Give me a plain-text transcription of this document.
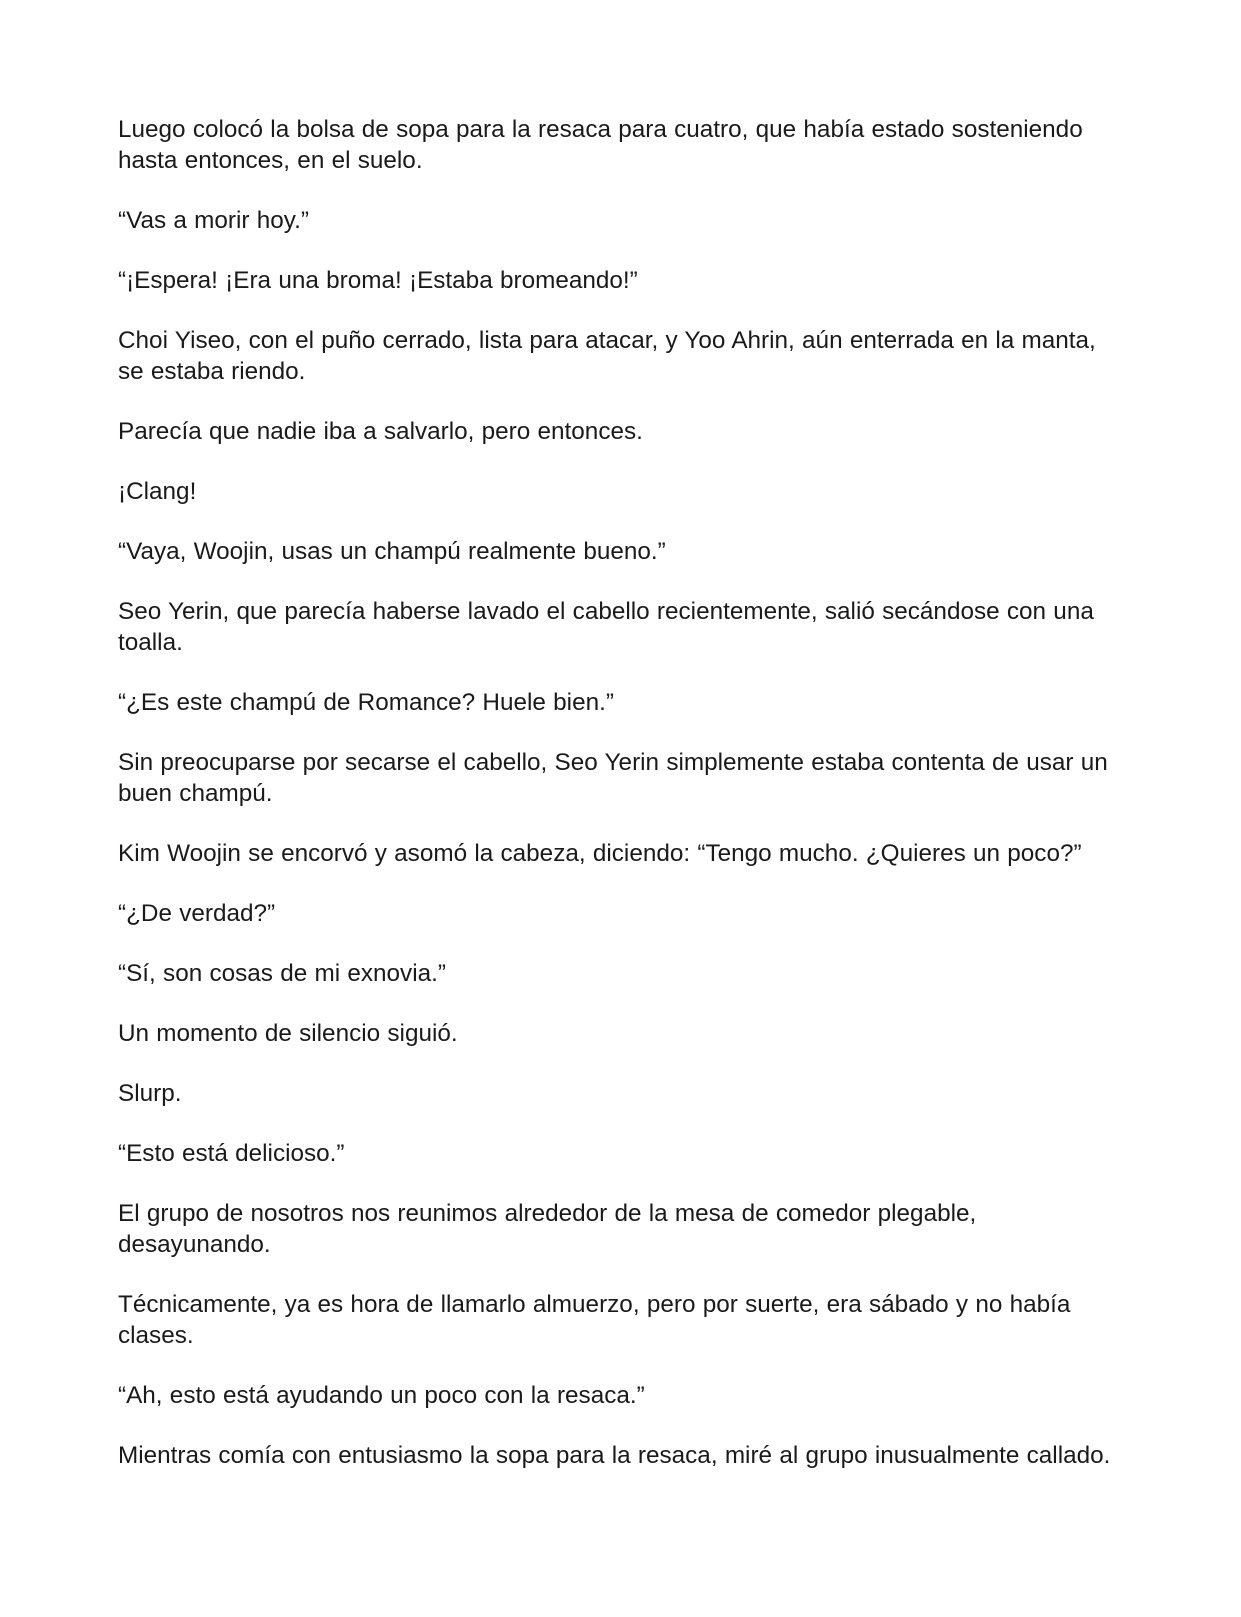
Luego colocó la bolsa de sopa para la resaca para cuatro, que había estado sosteniendo hasta entonces, en el suelo.

“Vas a morir hoy.”

“¡Espera! ¡Era una broma! ¡Estaba bromeando!”

Choi Yiseo, con el puño cerrado, lista para atacar, y Yoo Ahrin, aún enterrada en la manta, se estaba riendo.

Parecía que nadie iba a salvarlo, pero entonces.

¡Clang!

“Vaya, Woojin, usas un champú realmente bueno.”

Seo Yerin, que parecía haberse lavado el cabello recientemente, salió secándose con una toalla.

“¿Es este champú de Romance? Huele bien.”

Sin preocuparse por secarse el cabello, Seo Yerin simplemente estaba contenta de usar un buen champú.

Kim Woojin se encorvó y asomó la cabeza, diciendo: “Tengo mucho. ¿Quieres un poco?”

“¿De verdad?”

“Sí, son cosas de mi exnovia.”

Un momento de silencio siguió.

Slurp.

“Esto está delicioso.”

El grupo de nosotros nos reunimos alrededor de la mesa de comedor plegable, desayunando.

Técnicamente, ya es hora de llamarlo almuerzo, pero por suerte, era sábado y no había clases.

“Ah, esto está ayudando un poco con la resaca.”

Mientras comía con entusiasmo la sopa para la resaca, miré al grupo inusualmente callado.
